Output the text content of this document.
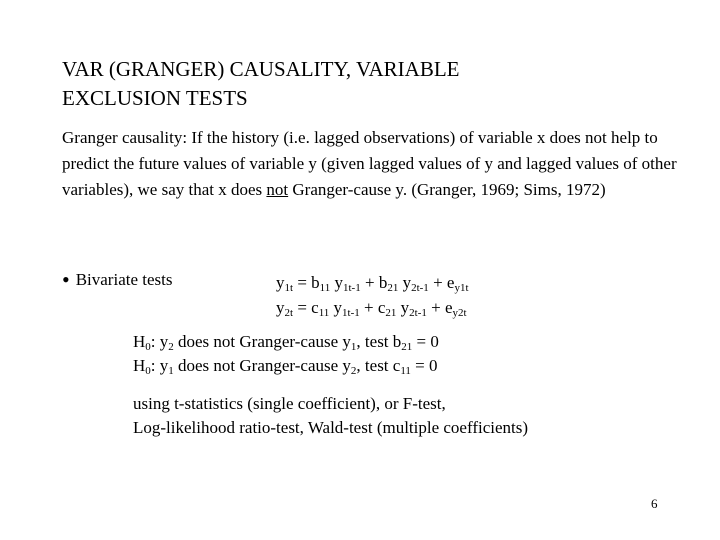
VAR (GRANGER) CAUSALITY, VARIABLE
EXCLUSION TESTS
Granger causality: If the history (i.e. lagged observations) of variable x does not help to predict the future values of variable y (given lagged values of y and lagged values of other variables), we say that x does not Granger-cause y. (Granger, 1969; Sims, 1972)
• Bivariate tests	$y_{1t} = b_{11}$ $y_{1t-1} + b_{21}$ $y_{2t-1} + e_{y1t}$
$y_{2t} = c_{11}$ $y_{1t-1} + c_{21}$ $y_{2t-1} + e_{y2t}$
$H_0$: $y_2$ does not Granger-cause $y_1$, test $b_{21} = 0$
$H_0$: $y_1$ does not Granger-cause $y_2$, test $c_{11} = 0$
using t-statistics (single coefficient), or F-test,
Log-likelihood ratio-test, Wald-test (multiple coefficients)
6
